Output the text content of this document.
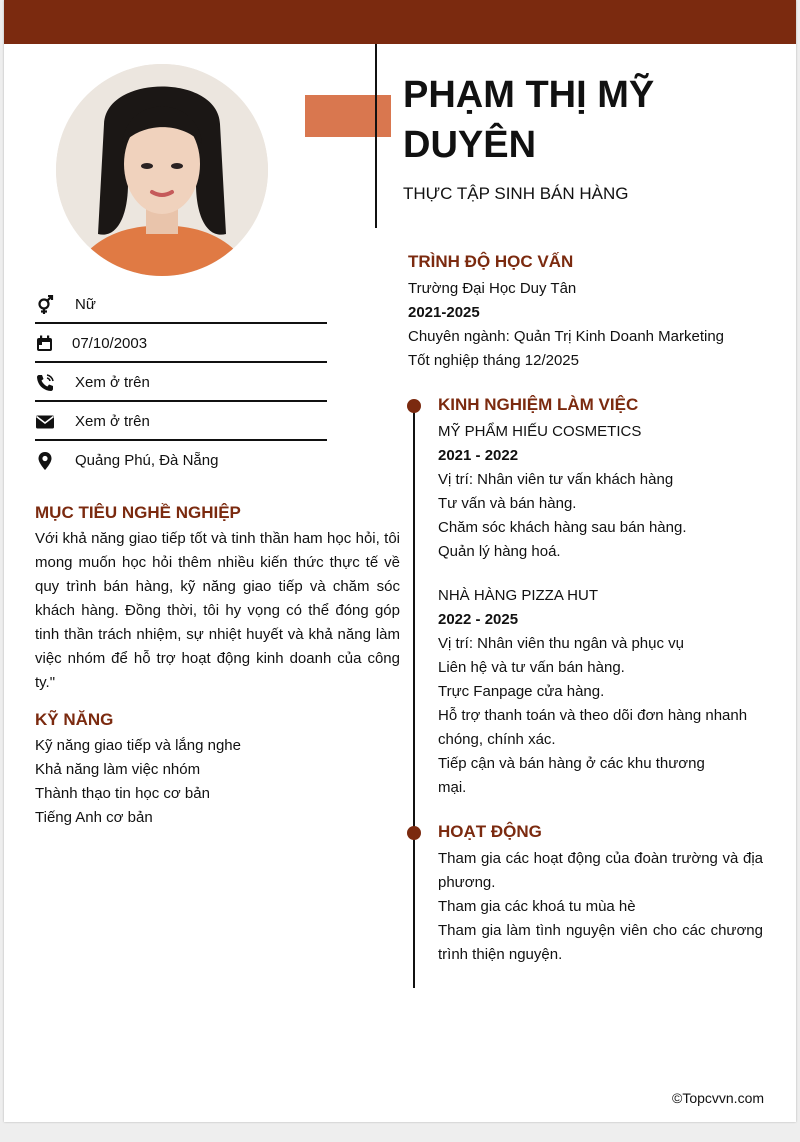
PHẠM THỊ MỸ DUYÊN
THỰC TẬP SINH BÁN HÀNG
Nữ
07/10/2003
Xem ở trên
Xem ở trên
Quảng Phú, Đà Nẵng
MỤC TIÊU NGHỀ NGHIỆP
Với khả năng giao tiếp tốt và tinh thần ham học hỏi, tôi mong muốn học hỏi thêm nhiều kiến thức thực tế về quy trình bán hàng, kỹ năng giao tiếp và chăm sóc khách hàng. Đồng thời, tôi hy vọng có thể đóng góp tinh thần trách nhiệm, sự nhiệt huyết và khả năng làm việc nhóm để hỗ trợ hoạt động kinh doanh của công ty."
KỸ NĂNG
Kỹ năng giao tiếp và lắng nghe
Khả năng làm việc nhóm
Thành thạo tin học cơ bản
Tiếng Anh cơ bản
TRÌNH ĐỘ HỌC VẤN
Trường Đại Học Duy Tân
2021-2025
Chuyên ngành: Quản Trị Kinh Doanh Marketing
Tốt nghiệp tháng 12/2025
KINH NGHIỆM LÀM VIỆC
MỸ PHẨM HIẾU COSMETICS
2021 - 2022
Vị trí: Nhân viên tư vấn khách hàng
Tư vấn và bán hàng.
Chăm sóc khách hàng sau bán hàng.
Quản lý hàng hoá.
NHÀ HÀNG PIZZA HUT
2022 - 2025
Vị trí: Nhân viên thu ngân và phục vụ
Liên hệ và tư vấn bán hàng.
Trực Fanpage cửa hàng.
Hỗ trợ thanh toán và theo dõi đơn hàng nhanh
chóng, chính xác.
Tiếp cận và bán hàng ở các khu thương
mại.
HOẠT ĐỘNG
Tham gia các hoạt động của đoàn trường và địa phương.
Tham gia các khoá tu mùa hè
Tham gia làm tình nguyện viên cho các chương trình thiện nguyện.
©Topcvvn.com
